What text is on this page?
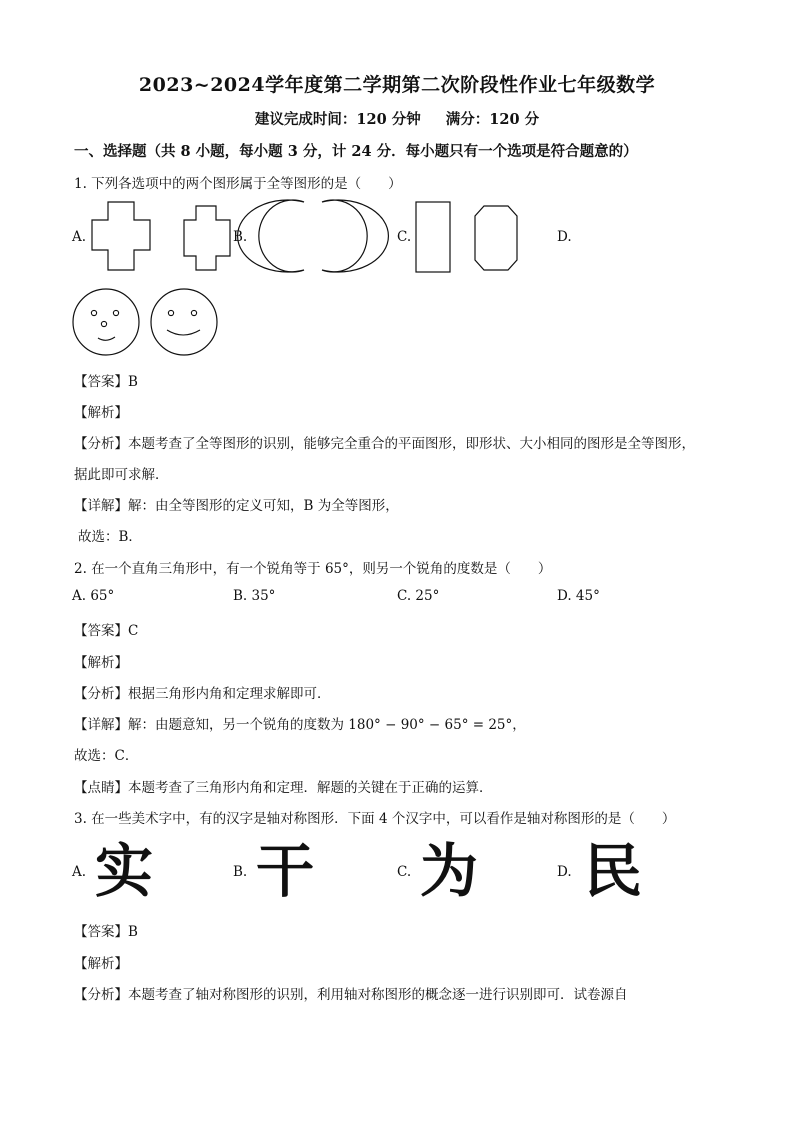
2023~2024学年度第二学期第二次阶段性作业七年级数学
建议完成时间：120 分钟 满分：120 分
一、选择题（共 8 小题，每小题 3 分，计 24 分．每小题只有一个选项是符合题意的）
1. 下列各选项中的两个图形属于全等图形的是（　　）
A.	B.	C.	D.
【答案】B
【解析】
【分析】本题考查了全等图形的识别，能够完全重合的平面图形，即形状、大小相同的图形是全等图形，
据此即可求解．
【详解】解：由全等图形的定义可知，B 为全等图形，
故选：B．
2. 在一个直角三角形中，有一个锐角等于 65°，则另一个锐角的度数是（　　）
A. 65°	B. 35°	C. 25°	D. 45°
【答案】C
【解析】
【分析】根据三角形内角和定理求解即可．
【详解】解：由题意知，另一个锐角的度数为 180° − 90° − 65° = 25°，
故选：C．
【点睛】本题考查了三角形内角和定理．解题的关键在于正确的运算．
3. 在一些美术字中，有的汉字是轴对称图形．下面 4 个汉字中，可以看作是轴对称图形的是（　　）
A. 实	B. 干	C. 为	D. 民
【答案】B
【解析】
【分析】本题考查了轴对称图形的识别，利用轴对称图形的概念逐一进行识别即可．试卷源自
